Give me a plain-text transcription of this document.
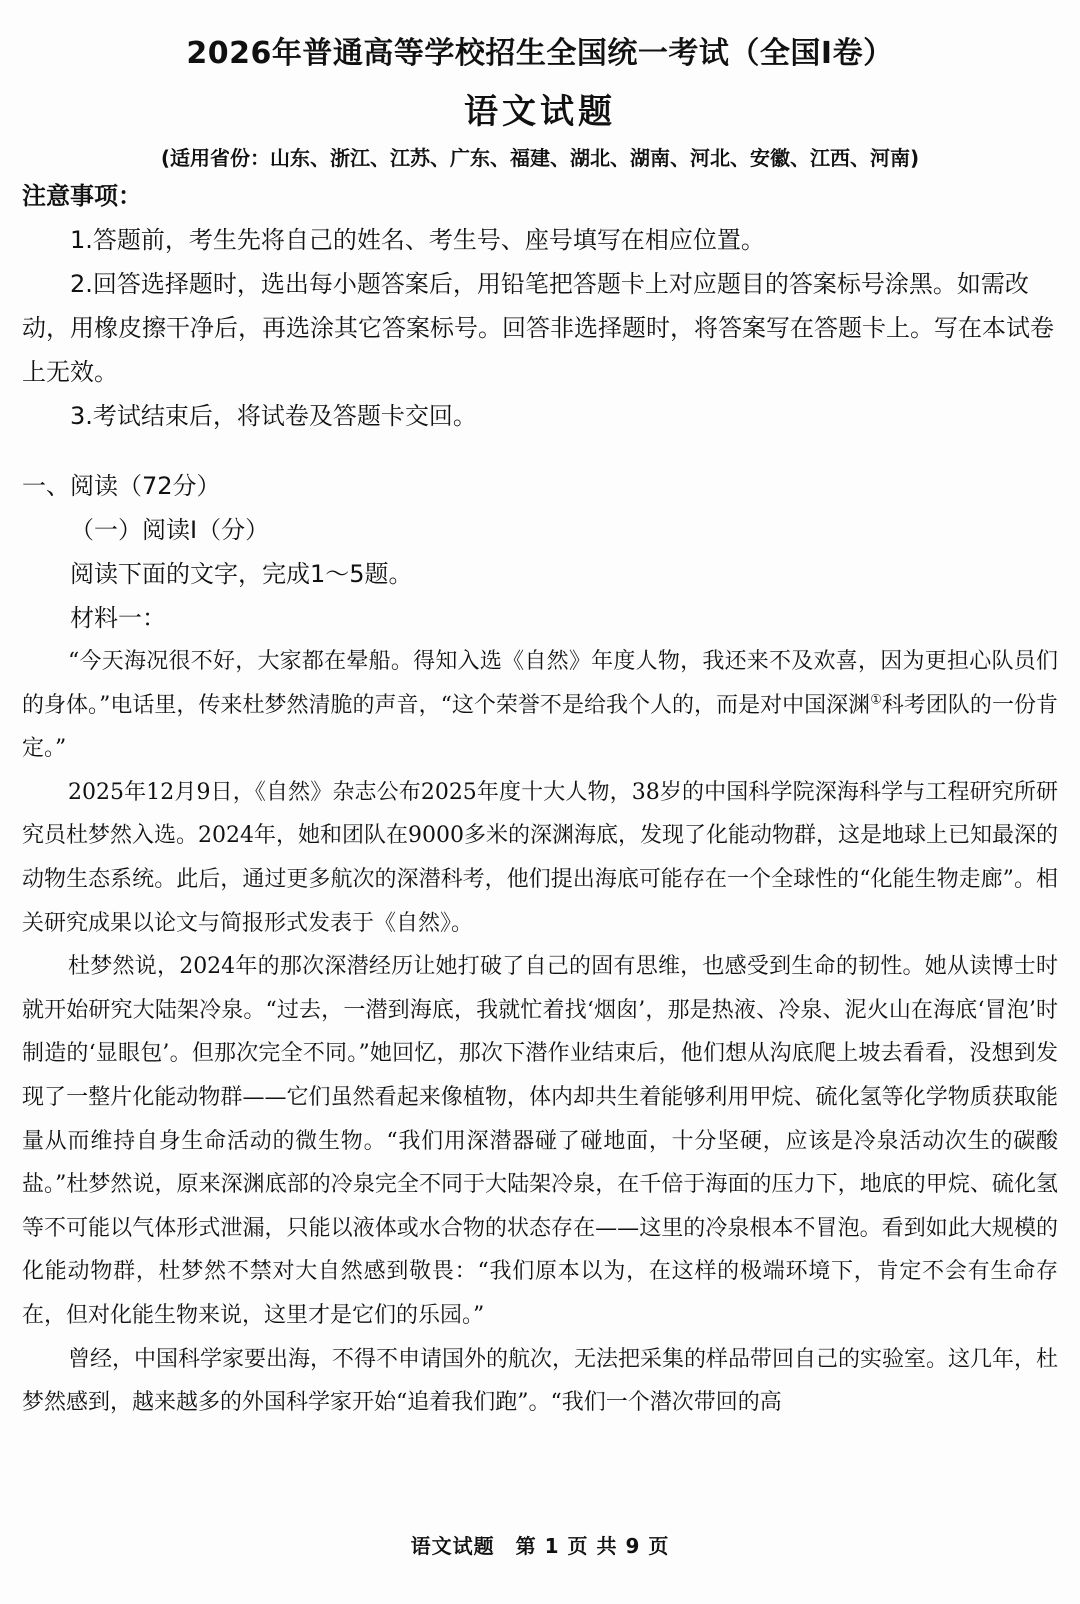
2026年普通高等学校招生全国统一考试（全国Ⅰ卷）
语文试题
(适用省份：山东、浙江、江苏、广东、福建、湖北、湖南、河北、安徽、江西、河南)
注意事项：

1.答题前，考生先将自己的姓名、考生号、座号填写在相应位置。

2.回答选择题时，选出每小题答案后，用铅笔把答题卡上对应题目的答案标号涂黑。如需改动，用橡皮擦干净后，再选涂其它答案标号。回答非选择题时，将答案写在答题卡上。写在本试卷上无效。

3.考试结束后，将试卷及答题卡交回。

一、阅读（72分）

（一）阅读Ⅰ（分）

阅读下面的文字，完成1～5题。

材料一：

“今天海况很不好，大家都在晕船。得知入选《自然》年度人物，我还来不及欢喜，因为更担心队员们的身体。”电话里，传来杜梦然清脆的声音，“这个荣誉不是给我个人的，而是对中国深渊①科考团队的一份肯定。”

2025年12月9日，《自然》杂志公布2025年度十大人物，38岁的中国科学院深海科学与工程研究所研究员杜梦然入选。2024年，她和团队在9000多米的深渊海底，发现了化能动物群，这是地球上已知最深的动物生态系统。此后，通过更多航次的深潜科考，他们提出海底可能存在一个全球性的“化能生物走廊”。相关研究成果以论文与简报形式发表于《自然》。

杜梦然说，2024年的那次深潜经历让她打破了自己的固有思维，也感受到生命的韧性。她从读博士时就开始研究大陆架冷泉。“过去，一潜到海底，我就忙着找‘烟囱’，那是热液、冷泉、泥火山在海底‘冒泡’时制造的‘显眼包’。但那次完全不同。”她回忆，那次下潜作业结束后，他们想从沟底爬上坡去看看，没想到发现了一整片化能动物群——它们虽然看起来像植物，体内却共生着能够利用甲烷、硫化氢等化学物质获取能量从而维持自身生命活动的微生物。“我们用深潜器碰了碰地面，十分坚硬，应该是冷泉活动次生的碳酸盐。”杜梦然说，原来深渊底部的冷泉完全不同于大陆架冷泉，在千倍于海面的压力下，地底的甲烷、硫化氢等不可能以气体形式泄漏，只能以液体或水合物的状态存在——这里的冷泉根本不冒泡。看到如此大规模的化能动物群，杜梦然不禁对大自然感到敬畏：“我们原本以为，在这样的极端环境下，肯定不会有生命存在，但对化能生物来说，这里才是它们的乐园。”

曾经，中国科学家要出海，不得不申请国外的航次，无法把采集的样品带回自己的实验室。这几年，杜梦然感到，越来越多的外国科学家开始“追着我们跑”。“我们一个潜次带回的高

语文试题　第 1 页 共 9 页
